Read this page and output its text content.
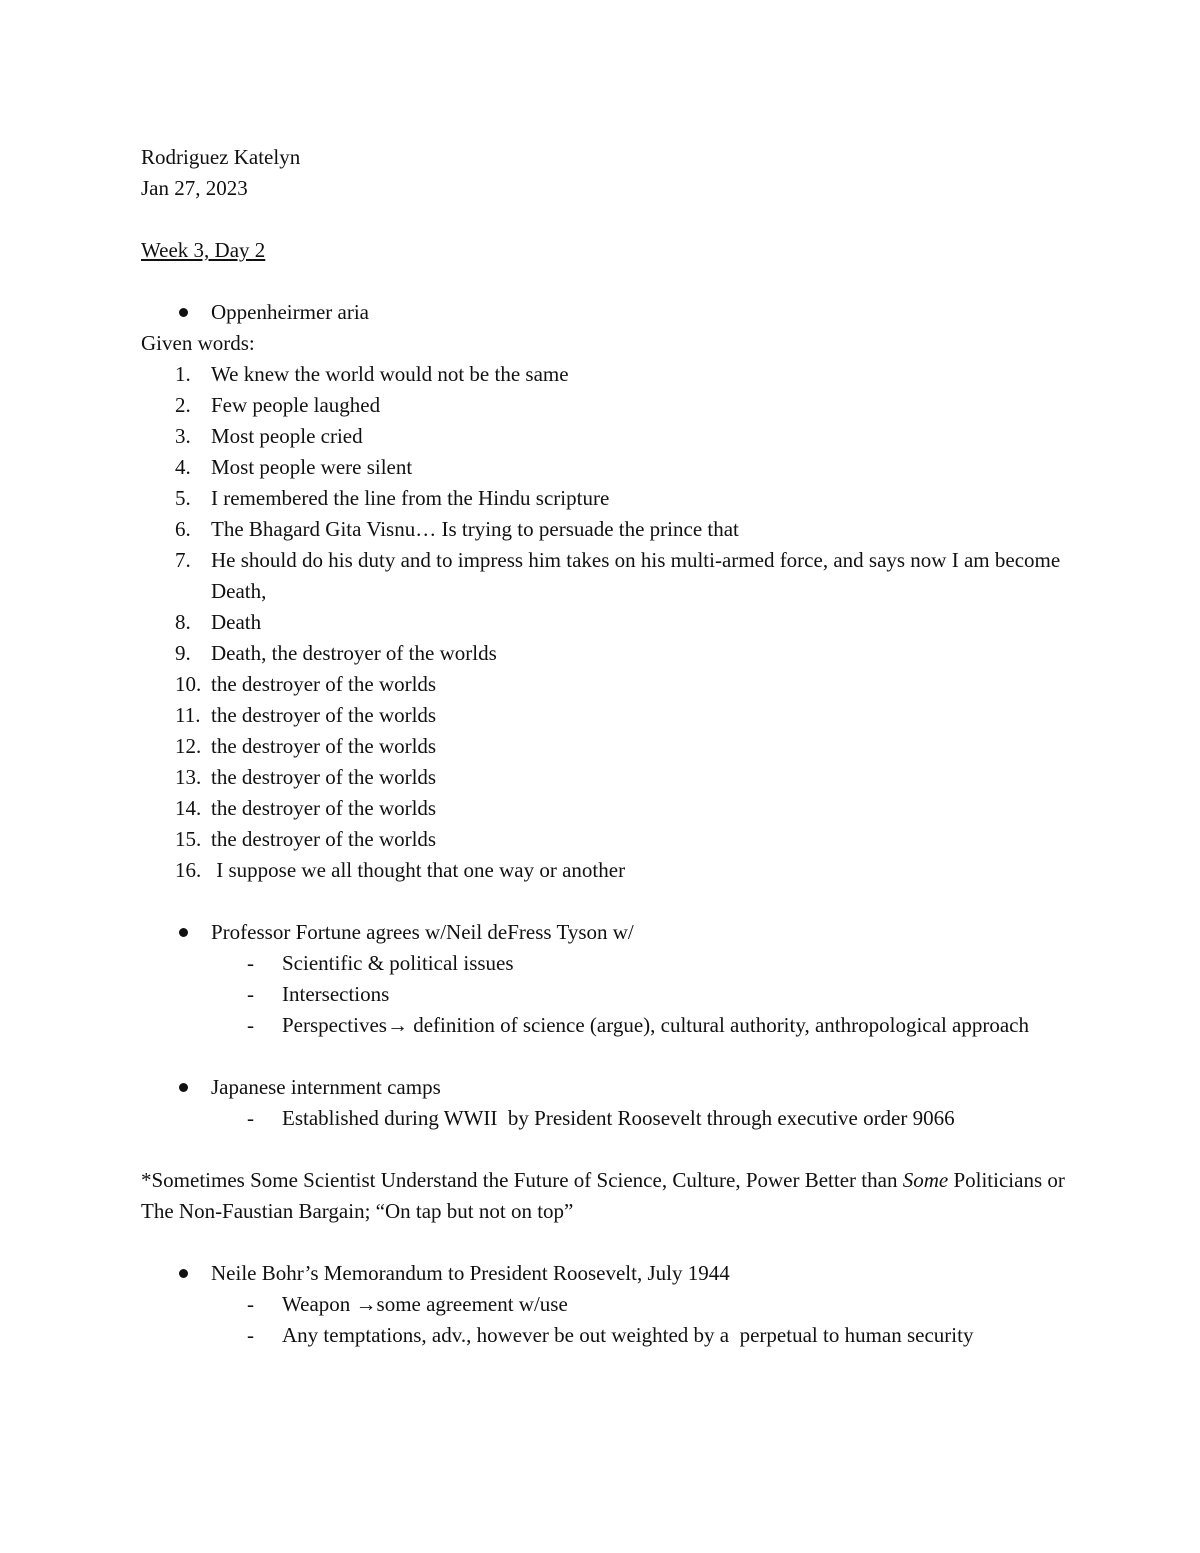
Rodriguez Katelyn
Jan 27, 2023
Week 3, Day 2
Oppenheirmer aria
Given words:
1. We knew the world would not be the same
2. Few people laughed
3. Most people cried
4. Most people were silent
5. I remembered the line from the Hindu scripture
6. The Bhagard Gita Visnu… Is trying to persuade the prince that
7. He should do his duty and to impress him takes on his multi-armed force, and says now I am become Death,
8. Death
9. Death, the destroyer of the worlds
10. the destroyer of the worlds
11. the destroyer of the worlds
12. the destroyer of the worlds
13. the destroyer of the worlds
14. the destroyer of the worlds
15. the destroyer of the worlds
16. I suppose we all thought that one way or another
Professor Fortune agrees w/Neil deFress Tyson w/
- Scientific & political issues
- Intersections
- Perspectives→ definition of science (argue), cultural authority, anthropological approach
Japanese internment camps
- Established during WWII  by President Roosevelt through executive order 9066
*Sometimes Some Scientist Understand the Future of Science, Culture, Power Better than Some Politicians or The Non-Faustian Bargain; “On tap but not on top”
Neile Bohr’s Memorandum to President Roosevelt, July 1944
- Weapon →some agreement w/use
- Any temptations, adv., however be out weighted by a  perpetual to human security
